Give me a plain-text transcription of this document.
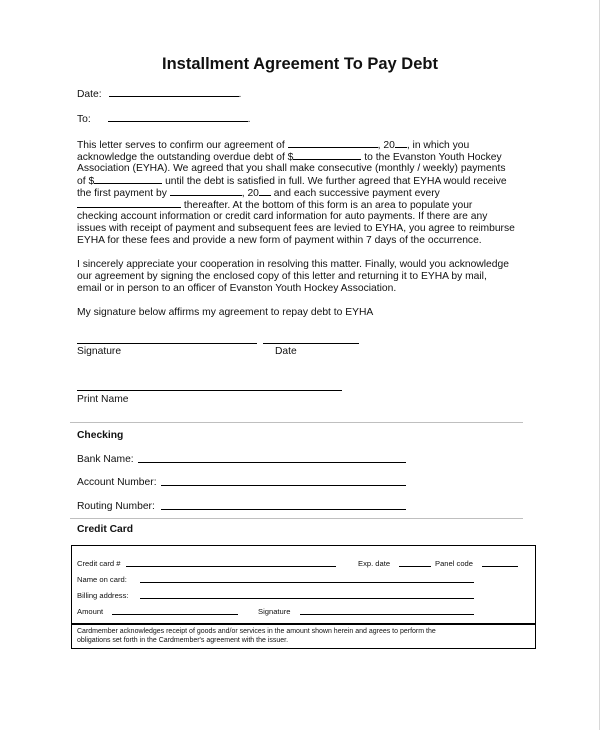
Installment Agreement To Pay Debt
Date:	.
To:	.
This letter serves to confirm our agreement of	, 20 , in which you
acknowledge the outstanding overdue debt of $	to the Evanston Youth Hockey
Association (EYHA). We agreed that you shall make consecutive (monthly / weekly) payments
of $	until the debt is satisfied in full. We further agreed that EYHA would receive
the first payment by	, 20 and each successive payment every
thereafter. At the bottom of this form is an area to populate your
checking account information or credit card information for auto payments. If there are any
issues with receipt of payment and subsequent fees are levied to EYHA, you agree to reimburse
EYHA for these fees and provide a new form of payment within 7 days of the occurrence.
I sincerely appreciate your cooperation in resolving this matter. Finally, would you acknowledge
our agreement by signing the enclosed copy of this letter and returning it to EYHA by mail,
email or in person to an officer of Evanston Youth Hockey Association.
My signature below affirms my agreement to repay debt to EYHA
Signature	Date
Print Name
Checking
Bank Name:
Account Number:
Routing Number:
Credit Card
Credit card #	Exp. date	Panel code
Name on card:
Billing address:
Amount	Signature
Cardmember acknowledges receipt of goods and/or services in the amount shown herein and agrees to perform the
obligations set forth in the Cardmember's agreement with the issuer.
